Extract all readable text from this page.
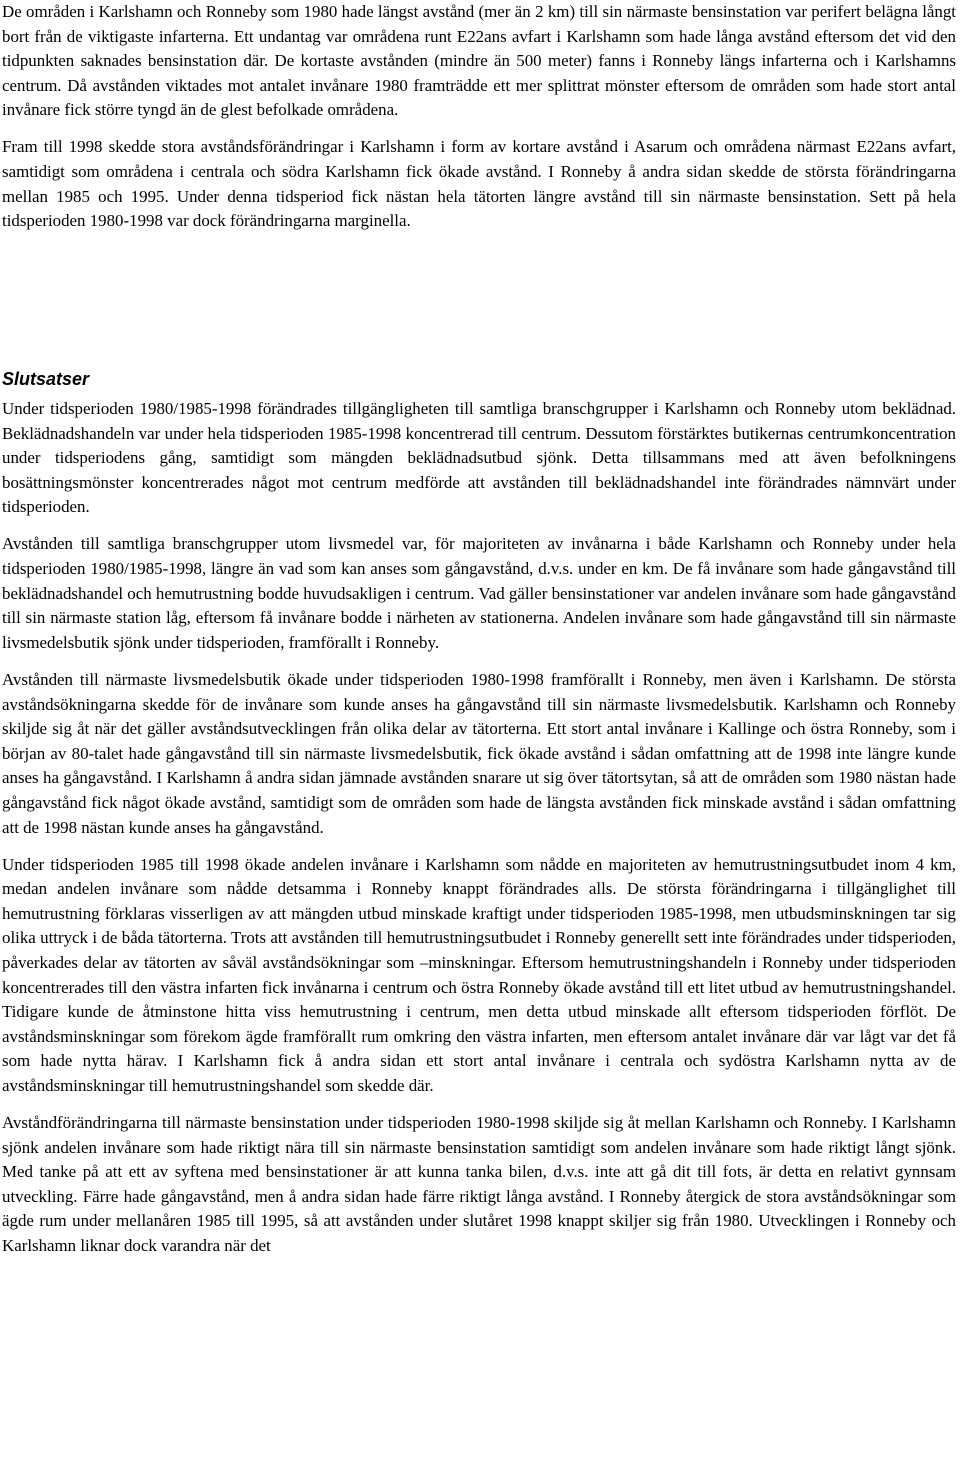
De områden i Karlshamn och Ronneby som 1980 hade längst avstånd (mer än 2 km) till sin närmaste bensinstation var perifert belägna långt bort från de viktigaste infarterna. Ett undantag var områdena runt E22ans avfart i Karlshamn som hade långa avstånd eftersom det vid den tidpunkten saknades bensinstation där. De kortaste avstånden (mindre än 500 meter) fanns i Ronneby längs infarterna och i Karlshamns centrum. Då avstånden viktades mot antalet invånare 1980 framträdde ett mer splittrat mönster eftersom de områden som hade stort antal invånare fick större tyngd än de glest befolkade områdena.

Fram till 1998 skedde stora avståndsförändringar i Karlshamn i form av kortare avstånd i Asarum och områdena närmast E22ans avfart, samtidigt som områdena i centrala och södra Karlshamn fick ökade avstånd. I Ronneby å andra sidan skedde de största förändringarna mellan 1985 och 1995. Under denna tidsperiod fick nästan hela tätorten längre avstånd till sin närmaste bensinstation. Sett på hela tidsperioden 1980-1998 var dock förändringarna marginella.

Slutsatser

Under tidsperioden 1980/1985-1998 förändrades tillgängligheten till samtliga branschgrupper i Karlshamn och Ronneby utom beklädnad. Beklädnadshandeln var under hela tidsperioden 1985-1998 koncentrerad till centrum. Dessutom förstärktes butikernas centrumkoncentration under tidsperiodens gång, samtidigt som mängden beklädnadsutbud sjönk. Detta tillsammans med att även befolkningens bosättningsmönster koncentrerades något mot centrum medförde att avstånden till beklädnadshandel inte förändrades nämnvärt under tidsperioden.

Avstånden till samtliga branschgrupper utom livsmedel var, för majoriteten av invånarna i både Karlshamn och Ronneby under hela tidsperioden 1980/1985-1998, längre än vad som kan anses som gångavstånd, d.v.s. under en km. De få invånare som hade gångavstånd till beklädnadshandel och hemutrustning bodde huvudsakligen i centrum. Vad gäller bensinstationer var andelen invånare som hade gångavstånd till sin närmaste station låg, eftersom få invånare bodde i närheten av stationerna. Andelen invånare som hade gångavstånd till sin närmaste livsmedelsbutik sjönk under tidsperioden, framförallt i Ronneby.

Avstånden till närmaste livsmedelsbutik ökade under tidsperioden 1980-1998 framförallt i Ronneby, men även i Karlshamn. De största avståndsökningarna skedde för de invånare som kunde anses ha gångavstånd till sin närmaste livsmedelsbutik. Karlshamn och Ronneby skiljde sig åt när det gäller avståndsutvecklingen från olika delar av tätorterna. Ett stort antal invånare i Kallinge och östra Ronneby, som i början av 80-talet hade gångavstånd till sin närmaste livsmedelsbutik, fick ökade avstånd i sådan omfattning att de 1998 inte längre kunde anses ha gångavstånd. I Karlshamn å andra sidan jämnade avstånden snarare ut sig över tätortsytan, så att de områden som 1980 nästan hade gångavstånd fick något ökade avstånd, samtidigt som de områden som hade de längsta avstånden fick minskade avstånd i sådan omfattning att de 1998 nästan kunde anses ha gångavstånd.

Under tidsperioden 1985 till 1998 ökade andelen invånare i Karlshamn som nådde en majoriteten av hemutrustningsutbudet inom 4 km, medan andelen invånare som nådde detsamma i Ronneby knappt förändrades alls. De största förändringarna i tillgänglighet till hemutrustning förklaras visserligen av att mängden utbud minskade kraftigt under tidsperioden 1985-1998, men utbudsminskningen tar sig olika uttryck i de båda tätorterna. Trots att avstånden till hemutrustningsutbudet i Ronneby generellt sett inte förändrades under tidsperioden, påverkades delar av tätorten av såväl avståndsökningar som –minskningar. Eftersom hemutrustningshandeln i Ronneby under tidsperioden koncentrerades till den västra infarten fick invånarna i centrum och östra Ronneby ökade avstånd till ett litet utbud av hemutrustningshandel. Tidigare kunde de åtminstone hitta viss hemutrustning i centrum, men detta utbud minskade allt eftersom tidsperioden förflöt. De avståndsminskningar som förekom ägde framförallt rum omkring den västra infarten, men eftersom antalet invånare där var lågt var det få som hade nytta härav. I Karlshamn fick å andra sidan ett stort antal invånare i centrala och sydöstra Karlshamn nytta av de avståndsminskningar till hemutrustningshandel som skedde där.

Avståndförändringarna till närmaste bensinstation under tidsperioden 1980-1998 skiljde sig åt mellan Karlshamn och Ronneby. I Karlshamn sjönk andelen invånare som hade riktigt nära till sin närmaste bensinstation samtidigt som andelen invånare som hade riktigt långt sjönk. Med tanke på att ett av syftena med bensinstationer är att kunna tanka bilen, d.v.s. inte att gå dit till fots, är detta en relativt gynnsam utveckling. Färre hade gångavstånd, men å andra sidan hade färre riktigt långa avstånd. I Ronneby återgick de stora avståndsökningar som ägde rum under mellanåren 1985 till 1995, så att avstånden under slutåret 1998 knappt skiljer sig från 1980. Utvecklingen i Ronneby och Karlshamn liknar dock varandra när det
